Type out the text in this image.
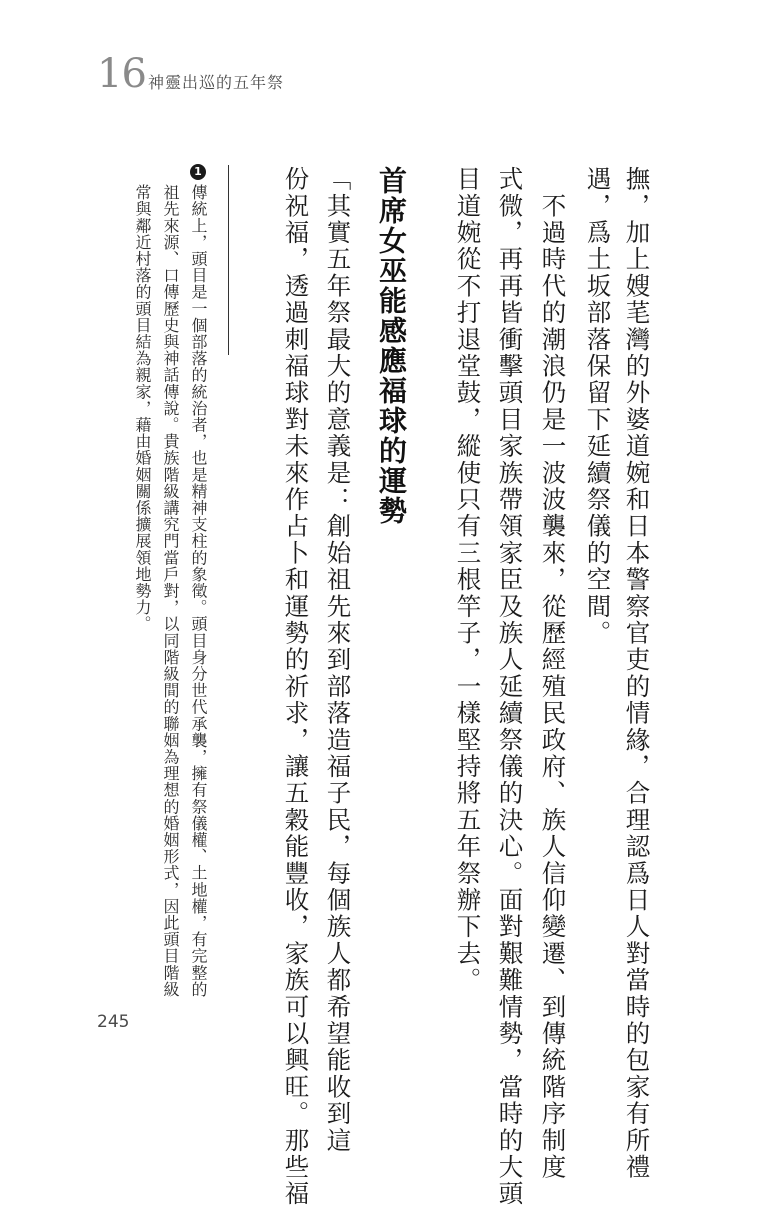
16 神靈出巡的五年祭
撫，加上嫂芼灣的外婆道婉和日本警察官吏的情緣，合理認爲日人對當時的包家有所禮
遇，爲土坂部落保留下延續祭儀的空間。
　不過時代的潮浪仍是一波波襲來，從歷經殖民政府、族人信仰變遷、到傳統階序制度
式微，再再皆衝擊頭目家族帶領家臣及族人延續祭儀的決心。面對艱難情勢，當時的大頭
目道婉從不打退堂鼓，縱使只有三根竿子，一樣堅持將五年祭辦下去。
首席女巫能感應福球的運勢
「其實五年祭最大的意義是：創始祖先來到部落造福子民，每個族人都希望能收到這
份祝福，透過刺福球對未來作占卜和運勢的祈求，讓五穀能豐收，家族可以興旺。那些福
1
傳統上，頭目是一個部落的統治者，也是精神支柱的象徵。頭目身分世代承襲，擁有祭儀權、土地權，有完整的
祖先來源、口傳歷史與神話傳說。貴族階級講究門當戶對，以同階級間的聯姻為理想的婚姻形式，因此頭目階級
常與鄰近村落的頭目結為親家，藉由婚姻關係擴展領地勢力。
245
